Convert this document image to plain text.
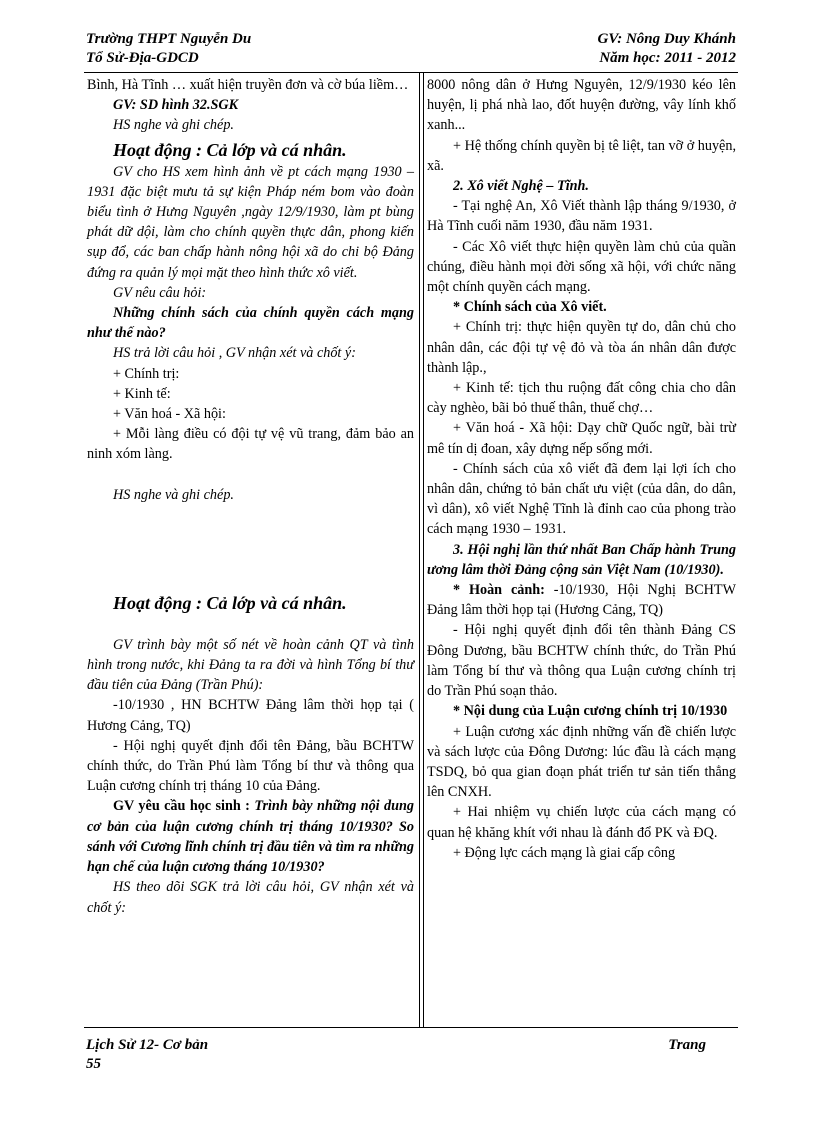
Trường THPT Nguyễn Du
Tổ Sử-Địa-GDCD
GV: Nông Duy Khánh
Năm học: 2011 - 2012

Bình, Hà Tĩnh … xuất hiện truyền đơn và cờ búa liềm…

GV: SD hình 32.SGK

HS nghe và ghi chép.

Hoạt động : Cả lớp và cá nhân.

GV cho HS xem hình ảnh về pt cách mạng 1930 – 1931 đặc biệt mưu tả sự kiện Pháp ném bom vào đoàn biểu tình ở Hưng Nguyên ,ngày 12/9/1930, làm pt bùng phát dữ dội, làm cho chính quyền thực dân, phong kiến sụp đổ, các ban chấp hành nông hội xã do chi bộ Đảng đứng ra quản lý mọi mặt theo hình thức xô viết.

GV nêu câu hỏi:

Những chính sách của chính quyền cách mạng như thế nào?

HS trả lời câu hỏi , GV nhận xét và chốt ý:

+ Chính trị:

+ Kinh tế:

+ Văn hoá - Xã hội:

+ Mỗi làng điều có đội tự vệ vũ trang, đảm bảo an ninh xóm làng.

HS nghe và ghi chép.

Hoạt động : Cả lớp và cá nhân.

GV trình bày một số nét về hoàn cảnh QT và tình hình trong nước, khi Đảng ta ra đời và hình Tổng bí thư đầu tiên của Đảng (Trần Phú):

-10/1930 , HN BCHTW Đảng lâm thời họp tại ( Hương Cảng, TQ)

- Hội nghị quyết định đổi tên Đảng, bầu BCHTW chính thức, do Trần Phú làm Tổng bí thư và thông qua Luận cương chính trị tháng 10 của Đảng.

GV yêu cầu học sinh : Trình bày những nội dung cơ bản của luận cương chính trị tháng 10/1930? So sánh với Cương lĩnh chính trị đầu tiên và tìm ra những hạn chế của luận cương tháng 10/1930?

HS theo dõi SGK trả lời câu hỏi, GV nhận xét và chốt ý:

8000 nông dân ở Hưng Nguyên, 12/9/1930 kéo lên huyện, lị phá nhà lao, đốt huyện đường, vây lính khố xanh...

+ Hệ thống chính quyền bị tê liệt, tan vỡ ở huyện, xã.

2. Xô viết Nghệ – Tĩnh.

- Tại nghệ An, Xô Viết thành lập tháng 9/1930, ở Hà Tĩnh cuối năm 1930, đầu năm 1931.

- Các Xô viết thực hiện quyền làm chủ của quần chúng, điều hành mọi đời sống xã hội, với chức năng một chính quyền cách mạng.

* Chính sách của Xô viết.

+ Chính trị: thực hiện quyền tự do, dân chủ cho nhân dân, các đội tự vệ đỏ và tòa án nhân dân được thành lập.,

+ Kinh tế: tịch thu ruộng đất công chia cho dân cày nghèo, bãi bỏ thuế thân, thuế chợ…

+ Văn hoá - Xã hội: Dạy chữ Quốc ngữ, bài trừ mê tín dị đoan, xây dựng nếp sống mới.

- Chính sách của xô viết đã đem lại lợi ích cho nhân dân, chứng tỏ bản chất ưu việt (của dân, do dân, vì dân), xô viết Nghệ Tĩnh là đỉnh cao của phong trào cách mạng 1930 – 1931.

3. Hội nghị lần thứ nhất Ban Chấp hành Trung ương lâm thời Đảng cộng sản Việt Nam (10/1930).

* Hoàn cảnh: -10/1930, Hội Nghị BCHTW Đảng lâm thời họp tại (Hương Cảng, TQ)

- Hội nghị quyết định đổi tên thành Đảng CS Đông Dương, bầu BCHTW chính thức, do Trần Phú làm Tổng bí thư và thông qua Luận cương chính trị do Trần Phú soạn thảo.

* Nội dung của Luận cương chính trị 10/1930

+ Luận cương xác định những vấn đề chiến lược và sách lược của Đông Dương: lúc đầu là cách mạng TSDQ, bỏ qua gian đoạn phát triển tư sản tiến thẳng lên CNXH.

+ Hai nhiệm vụ chiến lược của cách mạng có quan hệ khăng khít với nhau là đánh đổ PK và ĐQ.

+ Động lực cách mạng là giai cấp công

Lịch Sử 12- Cơ bản	Trang
55
